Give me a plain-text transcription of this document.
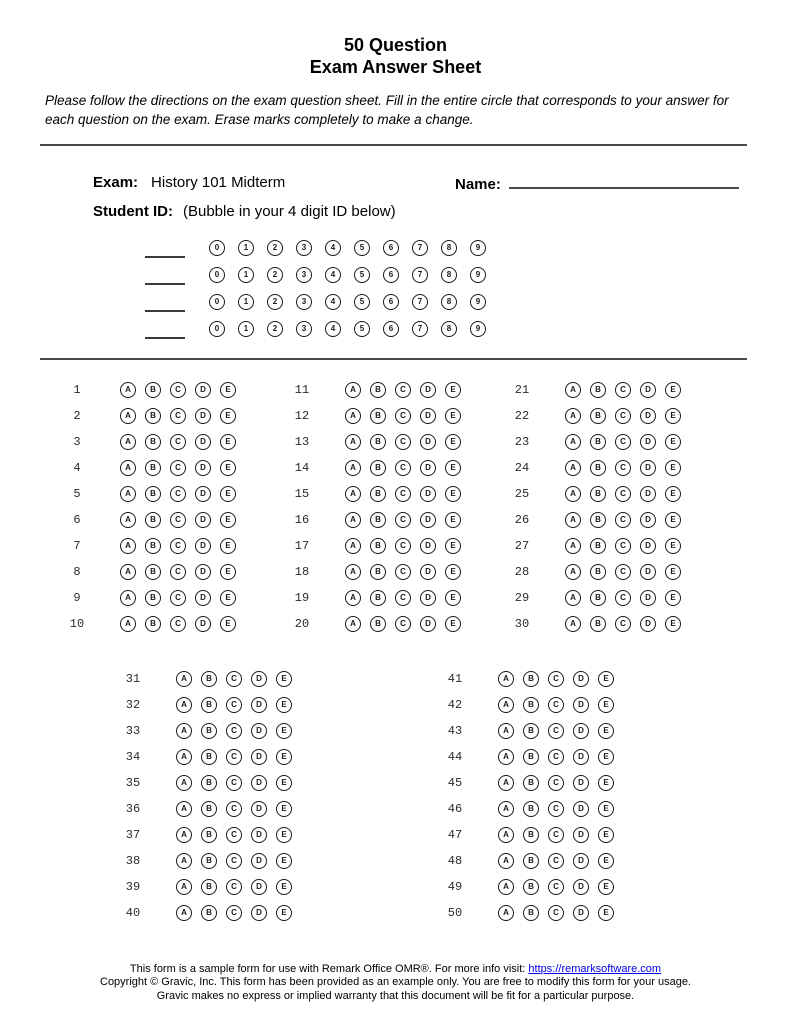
50 Question
Exam Answer Sheet
Please follow the directions on the exam question sheet. Fill in the entire circle that corresponds to your answer for each question on the exam. Erase marks completely to make a change.
Exam: History 101 Midterm	Name:
Student ID: (Bubble in your 4 digit ID below)
0	1	2	3	4	5	6	7	8	9
0	1	2	3	4	5	6	7	8	9
0	1	2	3	4	5	6	7	8	9
0	1	2	3	4	5	6	7	8	9
1	A	B	C	D	E
2	A	B	C	D	E
3	A	B	C	D	E
4	A	B	C	D	E
5	A	B	C	D	E
6	A	B	C	D	E
7	A	B	C	D	E
8	A	B	C	D	E
9	A	B	C	D	E
10	A	B	C	D	E
11	A	B	C	D	E
12	A	B	C	D	E
13	A	B	C	D	E
14	A	B	C	D	E
15	A	B	C	D	E
16	A	B	C	D	E
17	A	B	C	D	E
18	A	B	C	D	E
19	A	B	C	D	E
20	A	B	C	D	E
21	A	B	C	D	E
22	A	B	C	D	E
23	A	B	C	D	E
24	A	B	C	D	E
25	A	B	C	D	E
26	A	B	C	D	E
27	A	B	C	D	E
28	A	B	C	D	E
29	A	B	C	D	E
30	A	B	C	D	E
31	A	B	C	D	E
32	A	B	C	D	E
33	A	B	C	D	E
34	A	B	C	D	E
35	A	B	C	D	E
36	A	B	C	D	E
37	A	B	C	D	E
38	A	B	C	D	E
39	A	B	C	D	E
40	A	B	C	D	E
41	A	B	C	D	E
42	A	B	C	D	E
43	A	B	C	D	E
44	A	B	C	D	E
45	A	B	C	D	E
46	A	B	C	D	E
47	A	B	C	D	E
48	A	B	C	D	E
49	A	B	C	D	E
50	A	B	C	D	E
This form is a sample form for use with Remark Office OMR®. For more info visit: https://remarksoftware.com
Copyright © Gravic, Inc. This form has been provided as an example only. You are free to modify this form for your usage.
Gravic makes no express or implied warranty that this document will be fit for a particular purpose.
